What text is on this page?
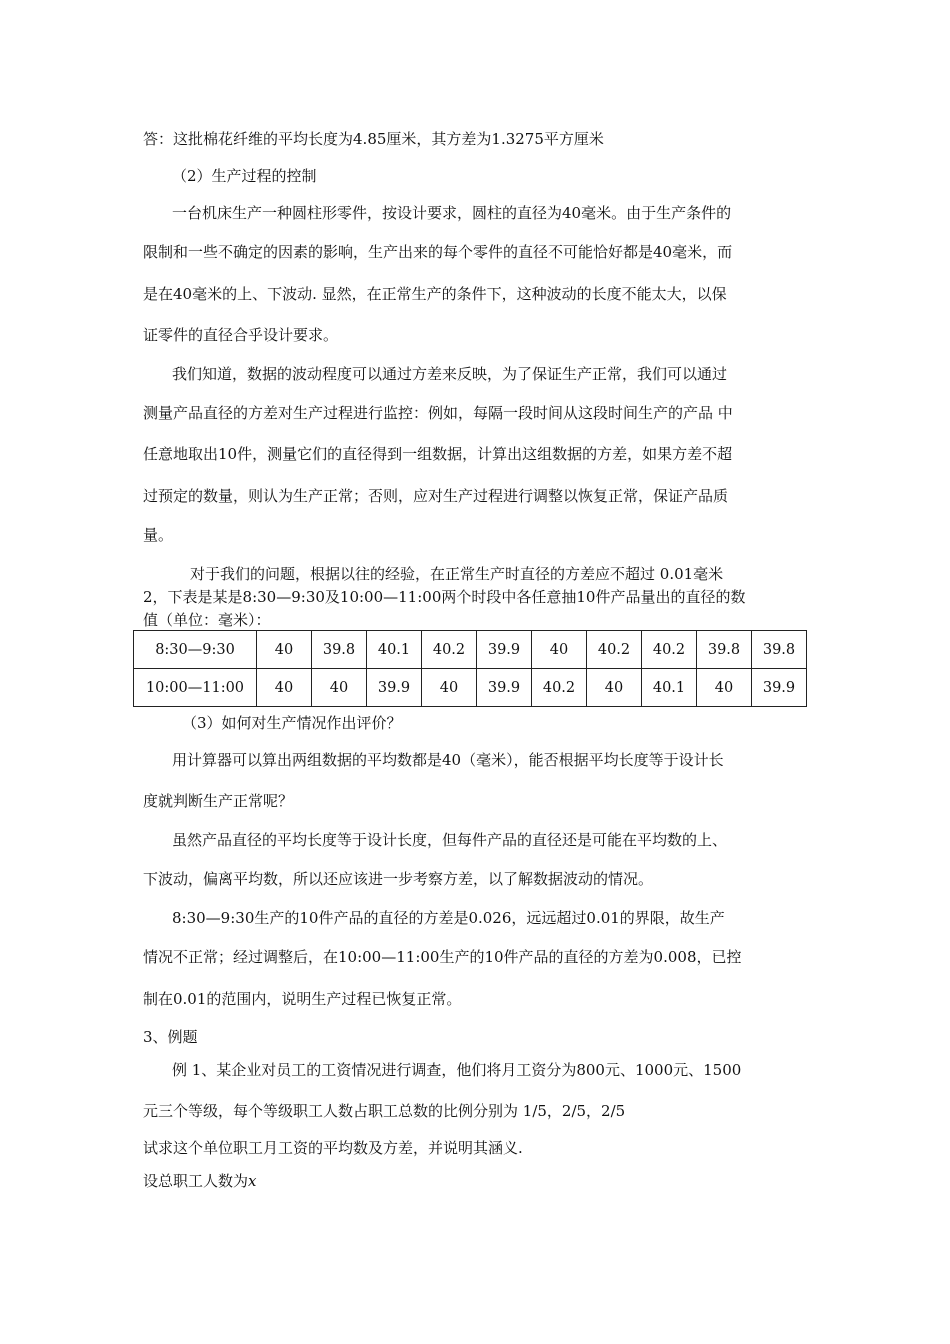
答：这批棉花纤维的平均长度为4.85厘米，其方差为1.3275平方厘米
（2）生产过程的控制
一台机床生产一种圆柱形零件，按设计要求，圆柱的直径为40毫米。由于生产条件的
限制和一些不确定的因素的影响，生产出来的每个零件的直径不可能恰好都是40毫米，而
是在40毫米的上、下波动. 显然，在正常生产的条件下，这种波动的长度不能太大，以保
证零件的直径合乎设计要求。
我们知道，数据的波动程度可以通过方差来反映，为了保证生产正常，我们可以通过
测量产品直径的方差对生产过程进行监控：例如，每隔一段时间从这段时间生产的产品 中
任意地取出10件，测量它们的直径得到一组数据，计算出这组数据的方差，如果方差不超
过预定的数量，则认为生产正常；否则，应对生产过程进行调整以恢复正常，保证产品质
量。
对于我们的问题，根据以往的经验，在正常生产时直径的方差应不超过 0.01毫米
2，下表是某是8:30—9:30及10:00—11:00两个时段中各任意抽10件产品量出的直径的数
值（单位：毫米）：
8:30—9:30	40	39.8	40.1	40.2	39.9	40	40.2	40.2	39.8	39.8
10:00—11:00	40	40	39.9	40	39.9	40.2	40	40.1	40	39.9
（3）如何对生产情况作出评价？
用计算器可以算出两组数据的平均数都是40（毫米），能否根据平均长度等于设计长
度就判断生产正常呢？
虽然产品直径的平均长度等于设计长度，但每件产品的直径还是可能在平均数的上、
下波动，偏离平均数，所以还应该进一步考察方差，以了解数据波动的情况。
8:30—9:30生产的10件产品的直径的方差是0.026，远远超过0.01的界限，故生产
情况不正常；经过调整后，在10:00—11:00生产的10件产品的直径的方差为0.008，已控
制在0.01的范围内，说明生产过程已恢复正常。
3、例题
例 1、某企业对员工的工资情况进行调查，他们将月工资分为800元、1000元、1500
元三个等级，每个等级职工人数占职工总数的比例分别为 1/5，2/5，2/5
试求这个单位职工月工资的平均数及方差，并说明其涵义.
设总职工人数为x
